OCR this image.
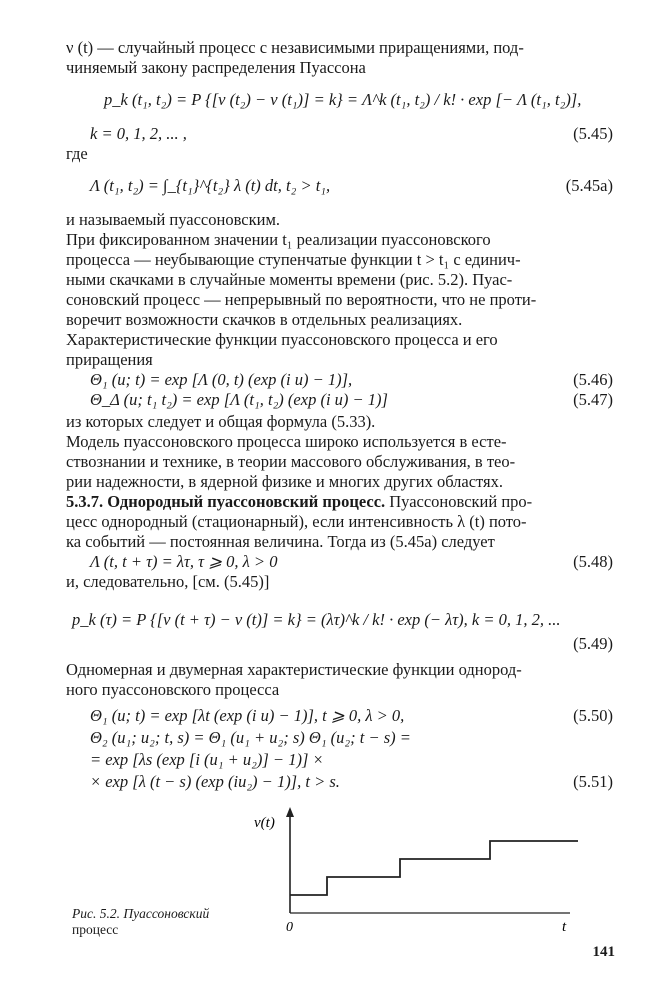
ν (t) — случайный процесс с независимыми приращениями, под-
чиняемый закону распределения Пуассона
p_k (t₁, t₂) = P {[ν (t₂) − ν (t₁)] = k} = Λ^k (t₁, t₂) / k! · exp [− Λ (t₁, t₂)],
k = 0, 1, 2, ... ,	(5.45)
где
Λ (t₁, t₂) = ∫_{t₁}^{t₂} λ (t) dt, t₂ > t₁,	(5.45а)
и называемый пуассоновским.
При фиксированном значении t₁ реализации пуассоновского
процесса — неубывающие ступенчатые функции t > t₁ с единич-
ными скачками в случайные моменты времени (рис. 5.2). Пуас-
соновский процесс — непрерывный по вероятности, что не проти-
воречит возможности скачков в отдельных реализациях.
Характеристические функции пуассоновского процесса и его
приращения
Θ₁ (u; t) = exp [Λ (0, t) (exp (i u) − 1)],	(5.46)
Θ_Δ (u; t₁ t₂) = exp [Λ (t₁, t₂) (exp (i u) − 1)]	(5.47)
из которых следует и общая формула (5.33).
Модель пуассоновского процесса широко используется в есте-
ствознании и технике, в теории массового обслуживания, в тео-
рии надежности, в ядерной физике и многих других областях.
5.3.7. Однородный пуассоновский процесс. Пуассоновский про-
цесс однородный (стационарный), если интенсивность λ (t) пото-
ка событий — постоянная величина. Тогда из (5.45а) следует
Λ (t, t + τ) = λτ, τ ⩾ 0, λ > 0	(5.48)
и, следовательно, [см. (5.45)]
p_k (τ) = P {[ν (t + τ) − ν (t)] = k} = (λτ)^k / k! · exp (− λτ), k = 0, 1, 2, ...
(5.49)
Одномерная и двумерная характеристические функции однород-
ного пуассоновского процесса
Θ₁ (u; t) = exp [λt (exp (i u) − 1)], t ⩾ 0, λ > 0,	(5.50)
Θ₂ (u₁; u₂; t, s) = Θ₁ (u₁ + u₂; s) Θ₁ (u₂; t − s) =
= exp [λs (exp [i (u₁ + u₂)] − 1)] ×
× exp [λ (t − s) (exp (iu₂) − 1)], t > s.	(5.51)
ν(t)
0	t
Рис. 5.2. Пуассоновский
процесс
141
